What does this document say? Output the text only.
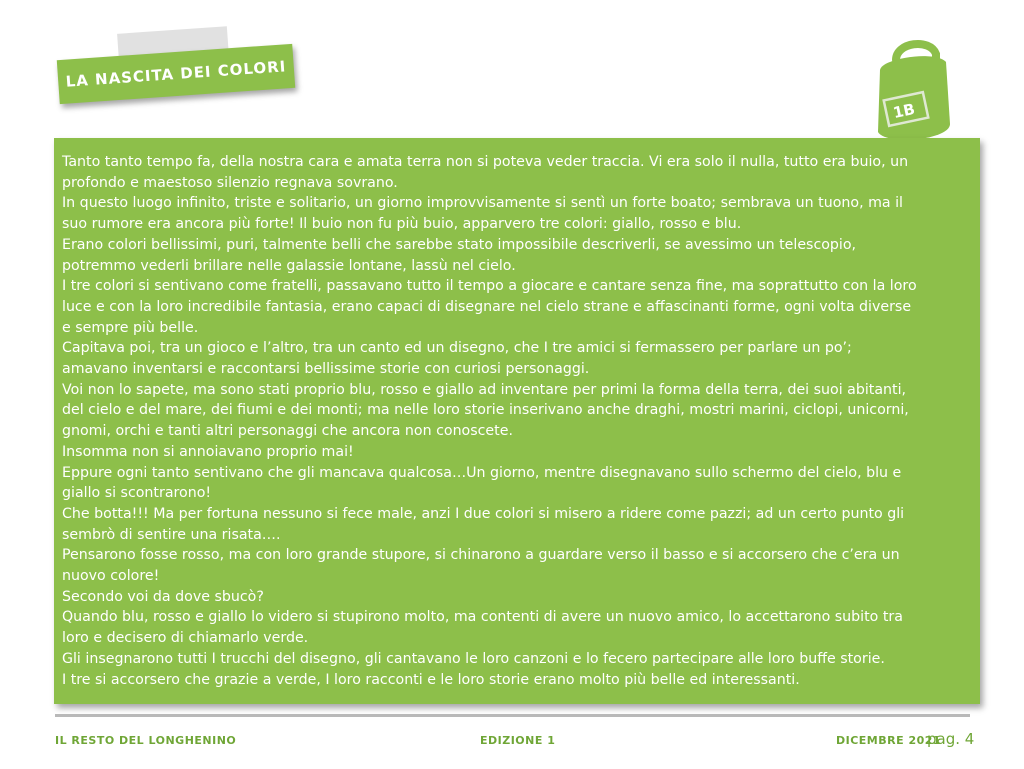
LA NASCITA DEI COLORI
1B

Tanto tanto tempo fa, della nostra cara e amata terra non si poteva veder traccia. Vi era solo il nulla, tutto era buio, un

profondo e maestoso silenzio regnava sovrano.

In questo luogo infinito, triste e solitario, un giorno improvvisamente si sentì un forte boato; sembrava un tuono, ma il

suo rumore era ancora più forte! Il buio non fu più buio, apparvero tre colori: giallo, rosso e blu.

Erano colori bellissimi, puri, talmente belli che sarebbe stato impossibile descriverli, se avessimo un telescopio,

potremmo vederli brillare nelle galassie lontane, lassù nel cielo.

I tre colori si sentivano come fratelli, passavano tutto il tempo a giocare e cantare senza fine, ma soprattutto con la loro

luce e con la loro incredibile fantasia, erano capaci di disegnare nel cielo strane e affascinanti forme, ogni volta diverse

e sempre più belle.

Capitava poi, tra un gioco e l’altro, tra un canto ed un disegno, che I tre amici si fermassero per parlare un po’;

amavano inventarsi e raccontarsi bellissime storie con curiosi personaggi.

Voi non lo sapete, ma sono stati proprio blu, rosso e giallo ad inventare per primi la forma della terra, dei suoi abitanti,

del cielo e del mare, dei fiumi e dei monti; ma nelle loro storie inserivano anche draghi, mostri marini, ciclopi, unicorni,

gnomi, orchi e tanti altri personaggi che ancora non conoscete.

Insomma non si annoiavano proprio mai!

Eppure ogni tanto sentivano che gli mancava qualcosa…Un giorno, mentre disegnavano sullo schermo del cielo, blu e

giallo si scontrarono!

Che botta!!! Ma per fortuna nessuno si fece male, anzi I due colori si misero a ridere come pazzi; ad un certo punto gli

sembrò di sentire una risata….

Pensarono fosse rosso, ma con loro grande stupore, si chinarono a guardare verso il basso e si accorsero che c’era un

nuovo colore!

Secondo voi da dove sbucò?

Quando blu, rosso e giallo lo videro si stupirono molto, ma contenti di avere un nuovo amico, lo accettarono subito tra

loro e decisero di chiamarlo verde.

Gli insegnarono tutti I trucchi del disegno, gli cantavano le loro canzoni e lo fecero partecipare alle loro buffe storie.

I tre si accorsero che grazie a verde, I loro racconti e le loro storie erano molto più belle ed interessanti.

IL RESTO DEL LONGHENINO	EDIZIONE 1	DICEMBRE 2021
pag. 4
